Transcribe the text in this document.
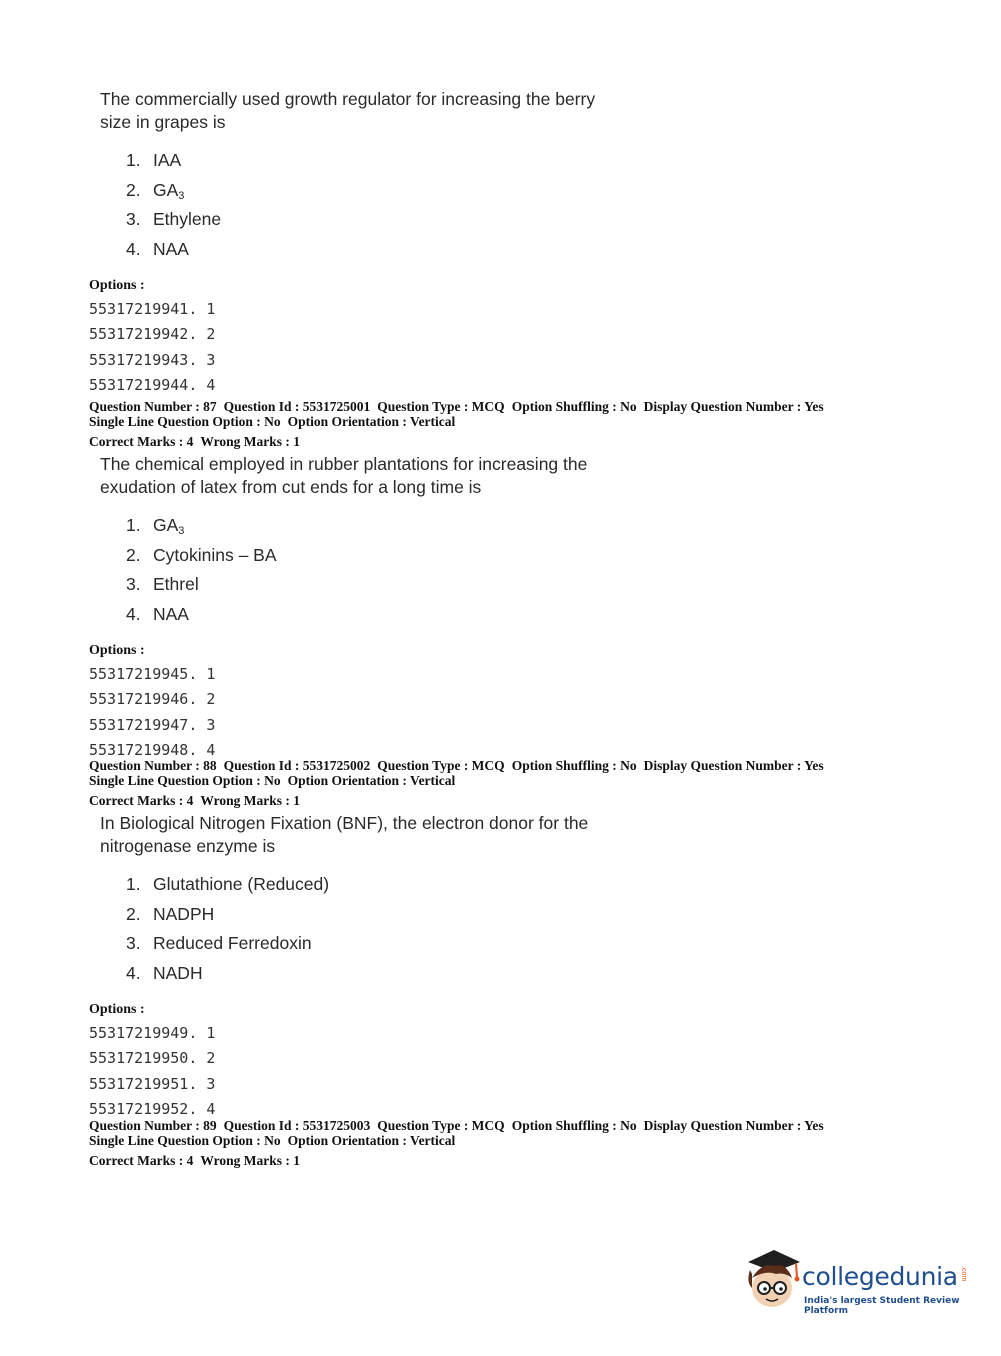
The commercially used growth regulator for increasing the berry size in grapes is
1. IAA
2. $GA_3$
3. Ethylene
4. NAA
Options :
55317219941. 1
55317219942. 2
55317219943. 3
55317219944. 4
Question Number : 87 Question Id : 5531725001 Question Type : MCQ Option Shuffling : No Display Question Number : Yes
Single Line Question Option : No Option Orientation : Vertical
Correct Marks : 4 Wrong Marks : 1
The chemical employed in rubber plantations for increasing the exudation of latex from cut ends for a long time is
1. $GA_3$
2. Cytokinins – BA
3. Ethrel
4. NAA
Options :
55317219945. 1
55317219946. 2
55317219947. 3
55317219948. 4
Question Number : 88 Question Id : 5531725002 Question Type : MCQ Option Shuffling : No Display Question Number : Yes
Single Line Question Option : No Option Orientation : Vertical
Correct Marks : 4 Wrong Marks : 1
In Biological Nitrogen Fixation (BNF), the electron donor for the nitrogenase enzyme is
1. Glutathione (Reduced)
2. NADPH
3. Reduced Ferredoxin
4. NADH
Options :
55317219949. 1
55317219950. 2
55317219951. 3
55317219952. 4
Question Number : 89 Question Id : 5531725003 Question Type : MCQ Option Shuffling : No Display Question Number : Yes
Single Line Question Option : No Option Orientation : Vertical
Correct Marks : 4 Wrong Marks : 1
collegedunia .com
India's largest Student Review Platform
